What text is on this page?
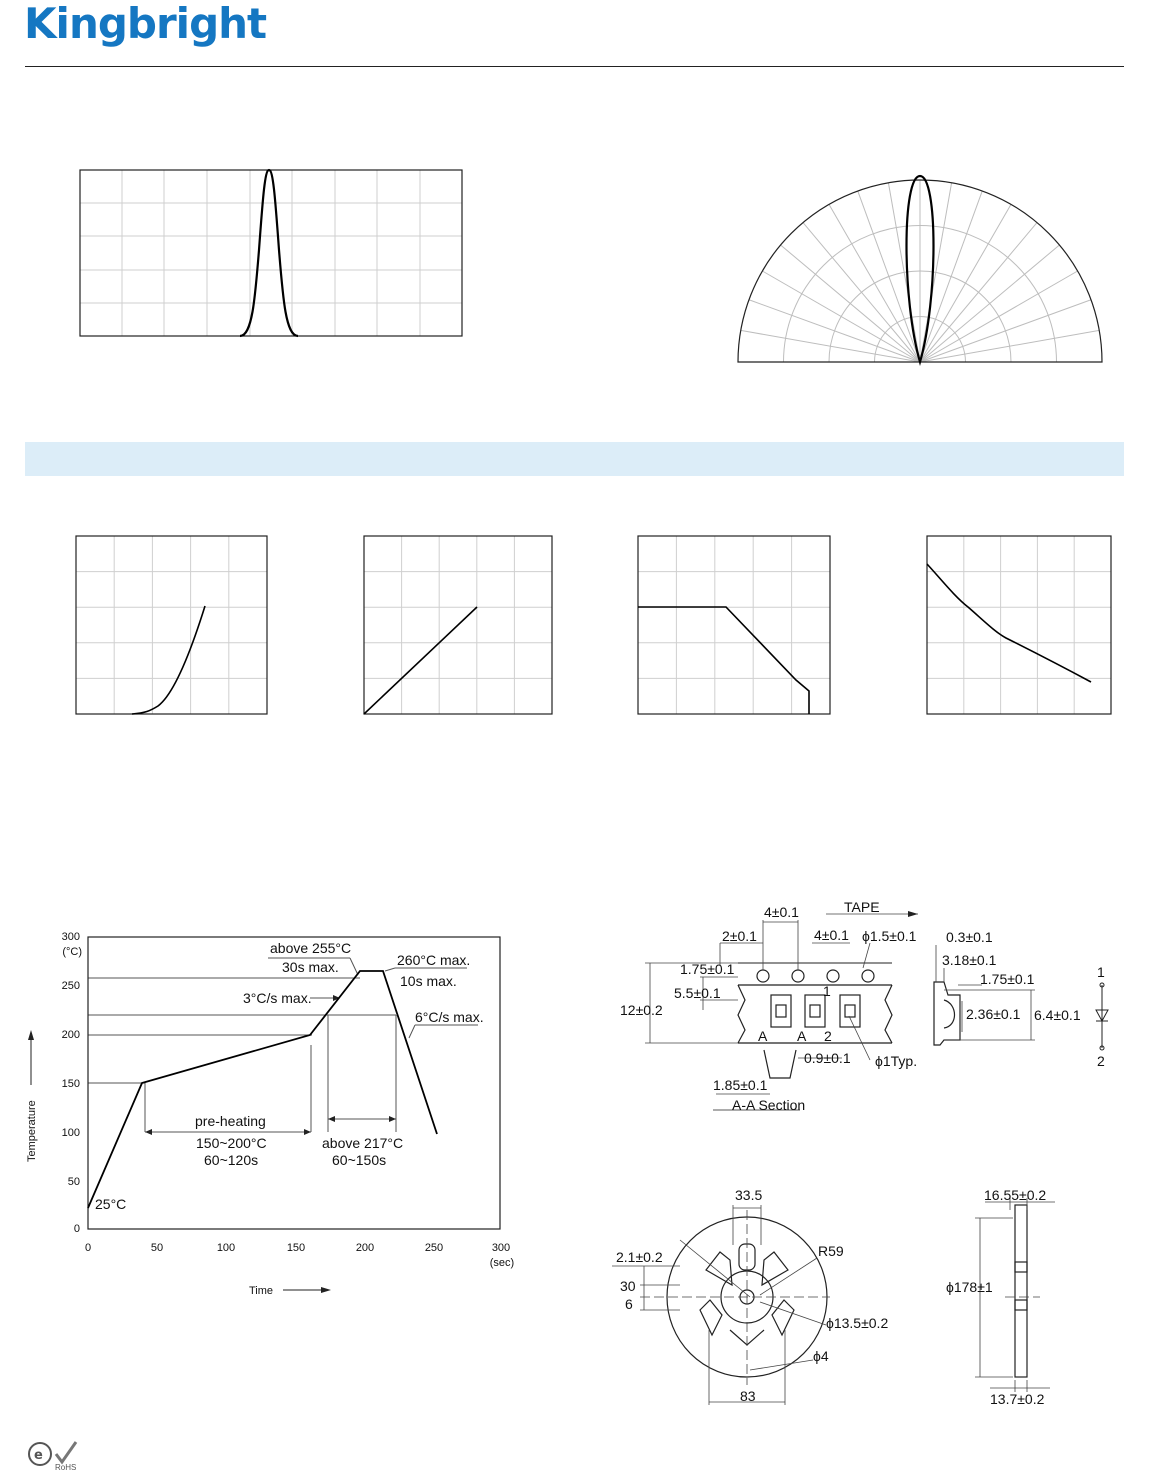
Kingbright
300
250
200
150
100
50
0
(°C)
0	50	100	150	200	250	300
(sec)
Temperature
Time
above 255°C
30s max.	260°C max.
10s max.
3°C/s max.
6°C/s max.
pre-heating
150~200°C
60~120s
above 217°C
60~150s
25°C
4±0.1	TAPE
2±0.1	4±0.1 ϕ1.5±0.1 0.3±0.1
1.75±0.1
3.18±0.1
5.5±0.1
1.75±0.1
12±0.2	2.36±0.1 6.4±0.1
0.9±0.1 ϕ1Typ.
1.85±0.1
A-A Section
A A
1
2
1
2
33.5
2.1±0.2	R59
30
6
ϕ13.5±0.2
ϕ4
83
16.55±0.2
ϕ178±1
13.7±0.2
e
RoHS
